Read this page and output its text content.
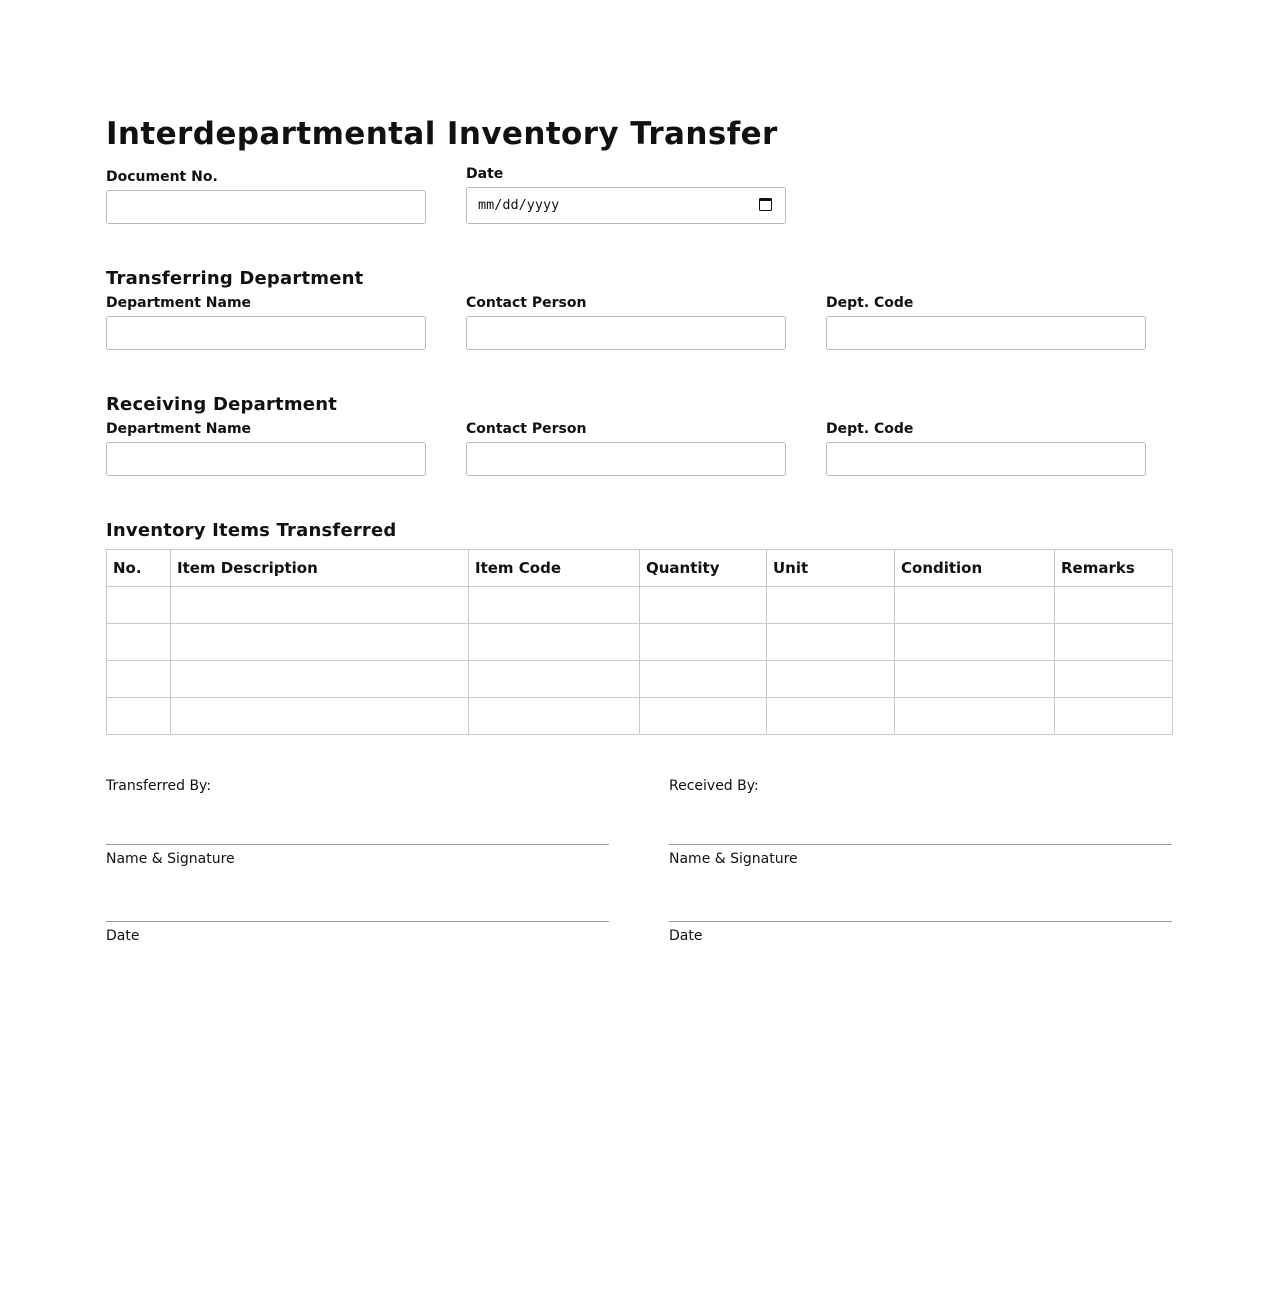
Interdepartmental Inventory Transfer
Document No.	Date
mm/dd/yyyy
Transferring Department
Department Name	Contact Person	Dept. Code
Receiving Department
Department Name	Contact Person	Dept. Code
Inventory Items Transferred
No.	Item Description	Item Code	Quantity	Unit	Condition	Remarks

Transferred By:
Name & Signature
Date
Received By:
Name & Signature
Date
